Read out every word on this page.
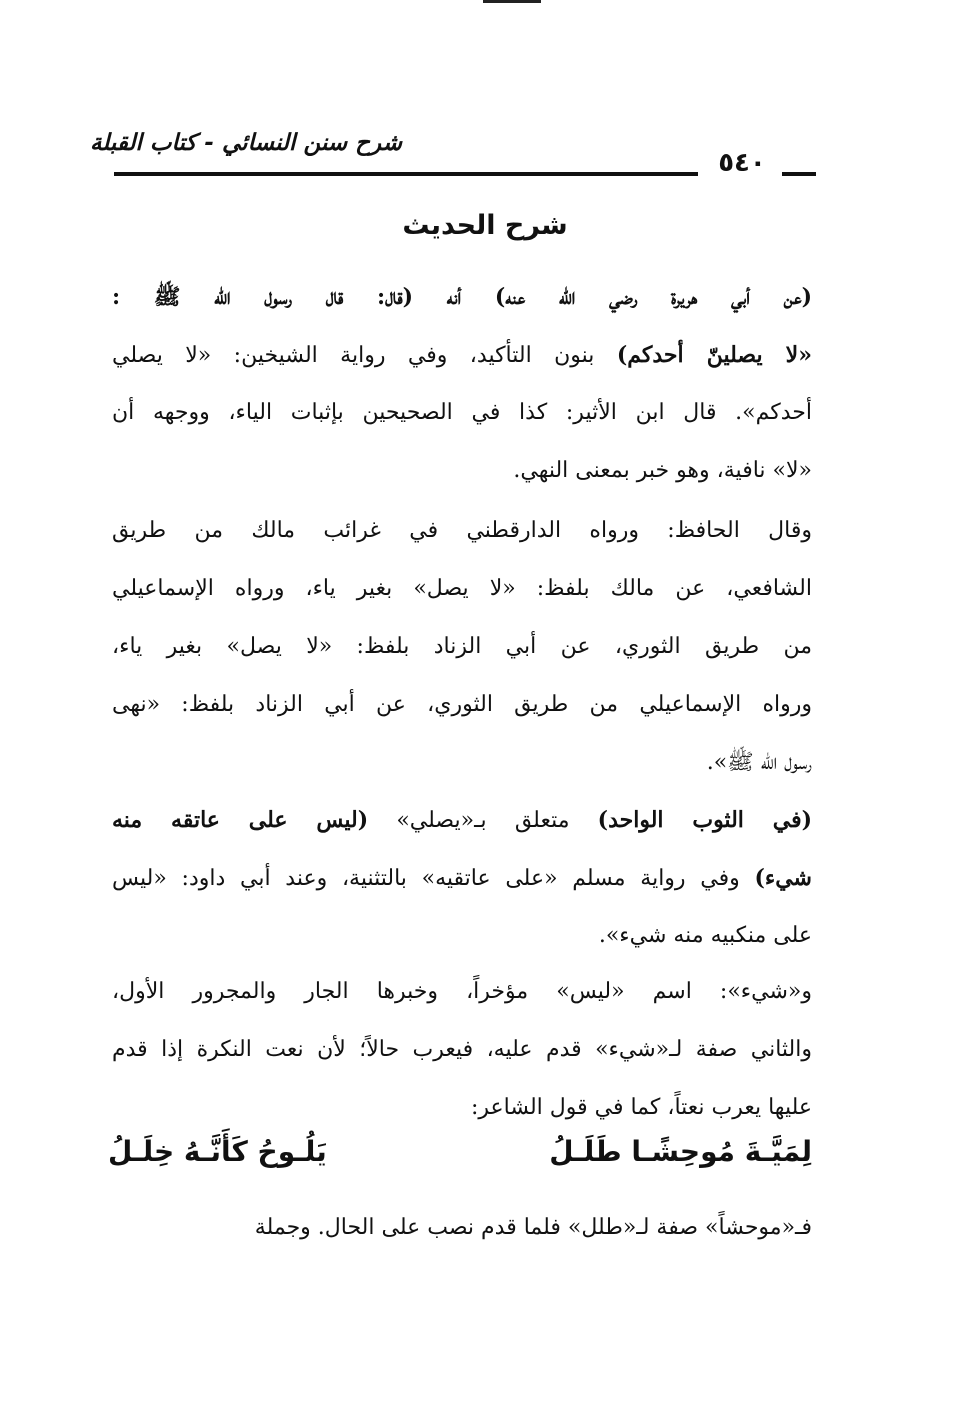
شرح سنن النسائي - كتاب القبلة
٥٤٠
شرح الحديث
(عن أبي هريرة رضي الله عنه) أنه (قال: قال رسول الله ﷺ :
«لا يصلينّ أحدكم) بنون التأكيد، وفي رواية الشيخين: «لا يصلي
أحدكم». قال ابن الأثير: كذا في الصحيحين بإثبات الياء، ووجهه أن
«لا» نافية، وهو خبر بمعنى النهي.
وقال الحافظ: ورواه الدارقطني في غرائب مالك من طريق
الشافعي، عن مالك بلفظ: «لا يصل» بغير ياء، ورواه الإسماعيلي
من طريق الثوري، عن أبي الزناد بلفظ: «لا يصل» بغير ياء،
ورواه الإسماعيلي من طريق الثوري، عن أبي الزناد بلفظ: «نهى
رسول الله ﷺ».
(في الثوب الواحد) متعلق بـ«يصلي» (ليس على عاتقه منه
شيء) وفي رواية مسلم «على عاتقيه» بالتثنية، وعند أبي داود: «ليس
على منكبيه منه شيء».
و«شيء»: اسم «ليس» مؤخراً، وخبرها الجار والمجرور الأول،
والثاني صفة لـ«شيء» قدم عليه، فيعرب حالاً؛ لأن نعت النكرة إذا قدم
عليها يعرب نعتاً، كما في قول الشاعر:
لِمَيَّـةَ مُوحِشًـا طَلَـلُ
يَلُـوحُ كَأَنَّـهُ خِلَـلُ
فـ«موحشاً» صفة لـ«طلل» فلما قدم نصب على الحال. وجملة
